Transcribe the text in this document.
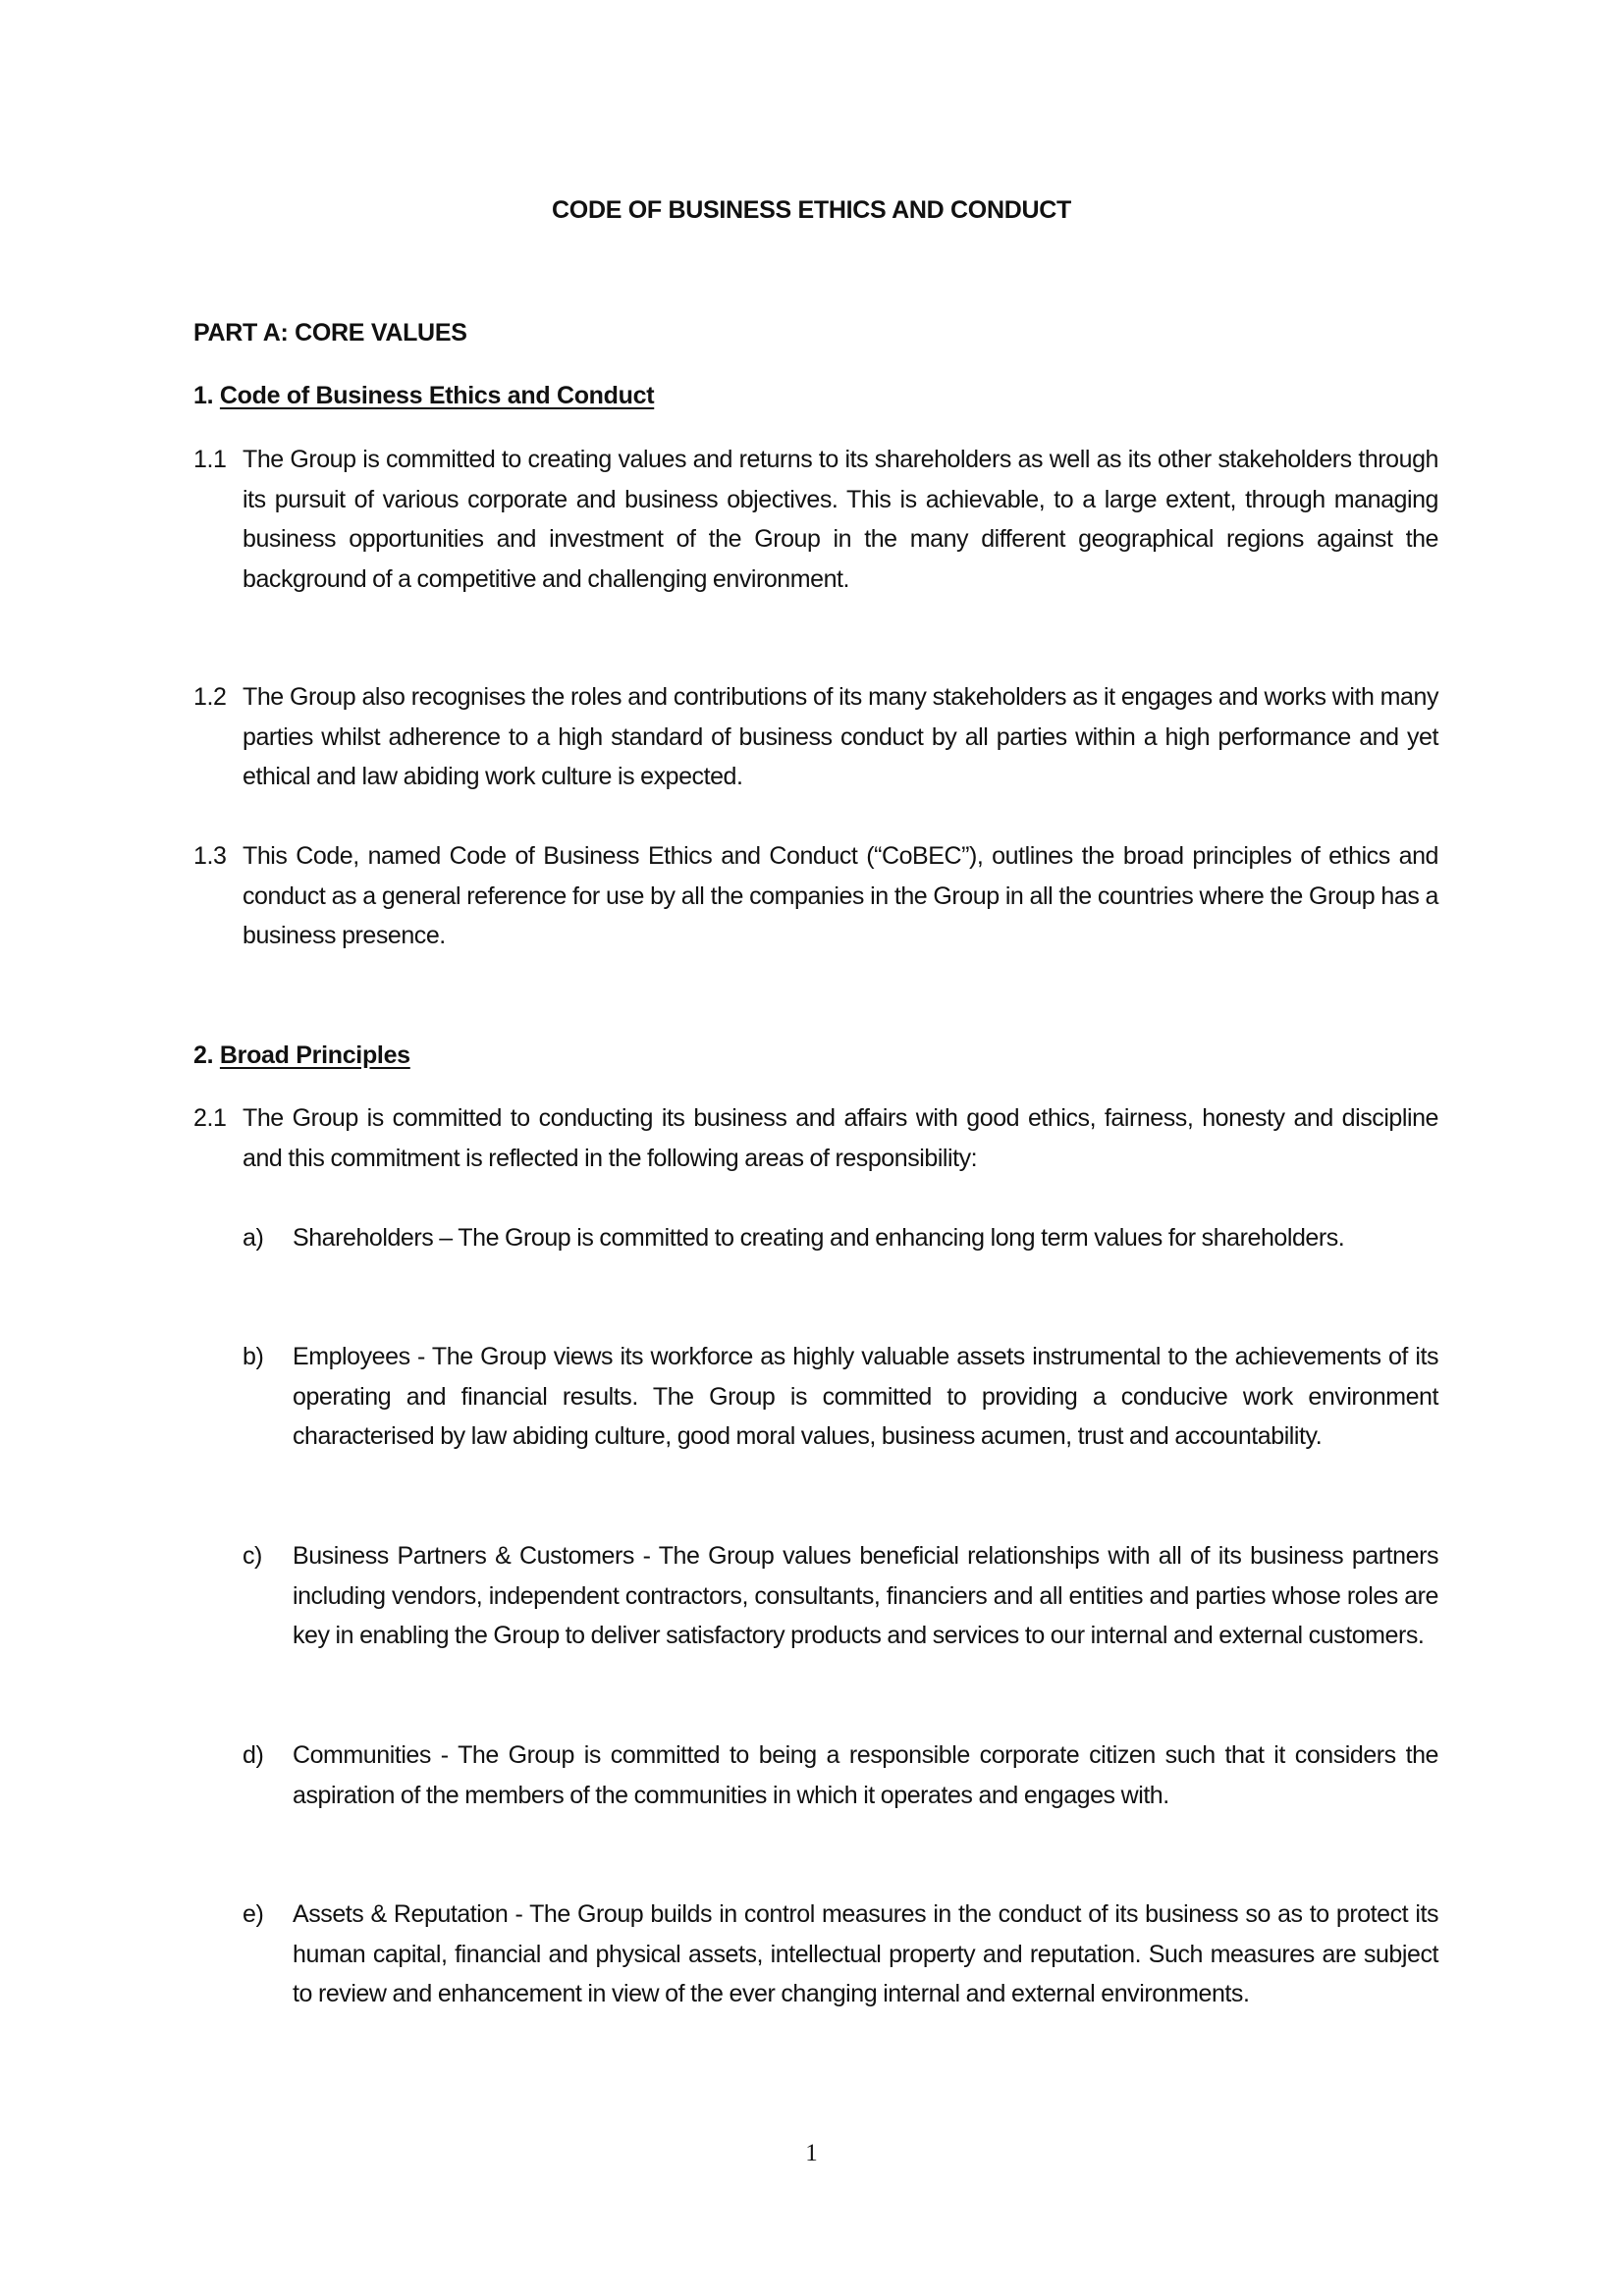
CODE OF BUSINESS ETHICS AND CONDUCT
PART A: CORE VALUES
1. Code of Business Ethics and Conduct
1.1 The Group is committed to creating values and returns to its shareholders as well as its other stakeholders through its pursuit of various corporate and business objectives. This is achievable, to a large extent, through managing business opportunities and investment of the Group in the many different geographical regions against the background of a competitive and challenging environment.
1.2 The Group also recognises the roles and contributions of its many stakeholders as it engages and works with many parties whilst adherence to a high standard of business conduct by all parties within a high performance and yet ethical and law abiding work culture is expected.
1.3 This Code, named Code of Business Ethics and Conduct (“CoBEC”), outlines the broad principles of ethics and conduct as a general reference for use by all the companies in the Group in all the countries where the Group has a business presence.
2. Broad Principles
2.1 The Group is committed to conducting its business and affairs with good ethics, fairness, honesty and discipline and this commitment is reflected in the following areas of responsibility:
a) Shareholders – The Group is committed to creating and enhancing long term values for shareholders.
b) Employees - The Group views its workforce as highly valuable assets instrumental to the achievements of its operating and financial results. The Group is committed to providing a conducive work environment characterised by law abiding culture, good moral values, business acumen, trust and accountability.
c) Business Partners & Customers - The Group values beneficial relationships with all of its business partners including vendors, independent contractors, consultants, financiers and all entities and parties whose roles are key in enabling the Group to deliver satisfactory products and services to our internal and external customers.
d) Communities - The Group is committed to being a responsible corporate citizen such that it considers the aspiration of the members of the communities in which it operates and engages with.
e) Assets & Reputation - The Group builds in control measures in the conduct of its business so as to protect its human capital, financial and physical assets, intellectual property and reputation. Such measures are subject to review and enhancement in view of the ever changing internal and external environments.
1
